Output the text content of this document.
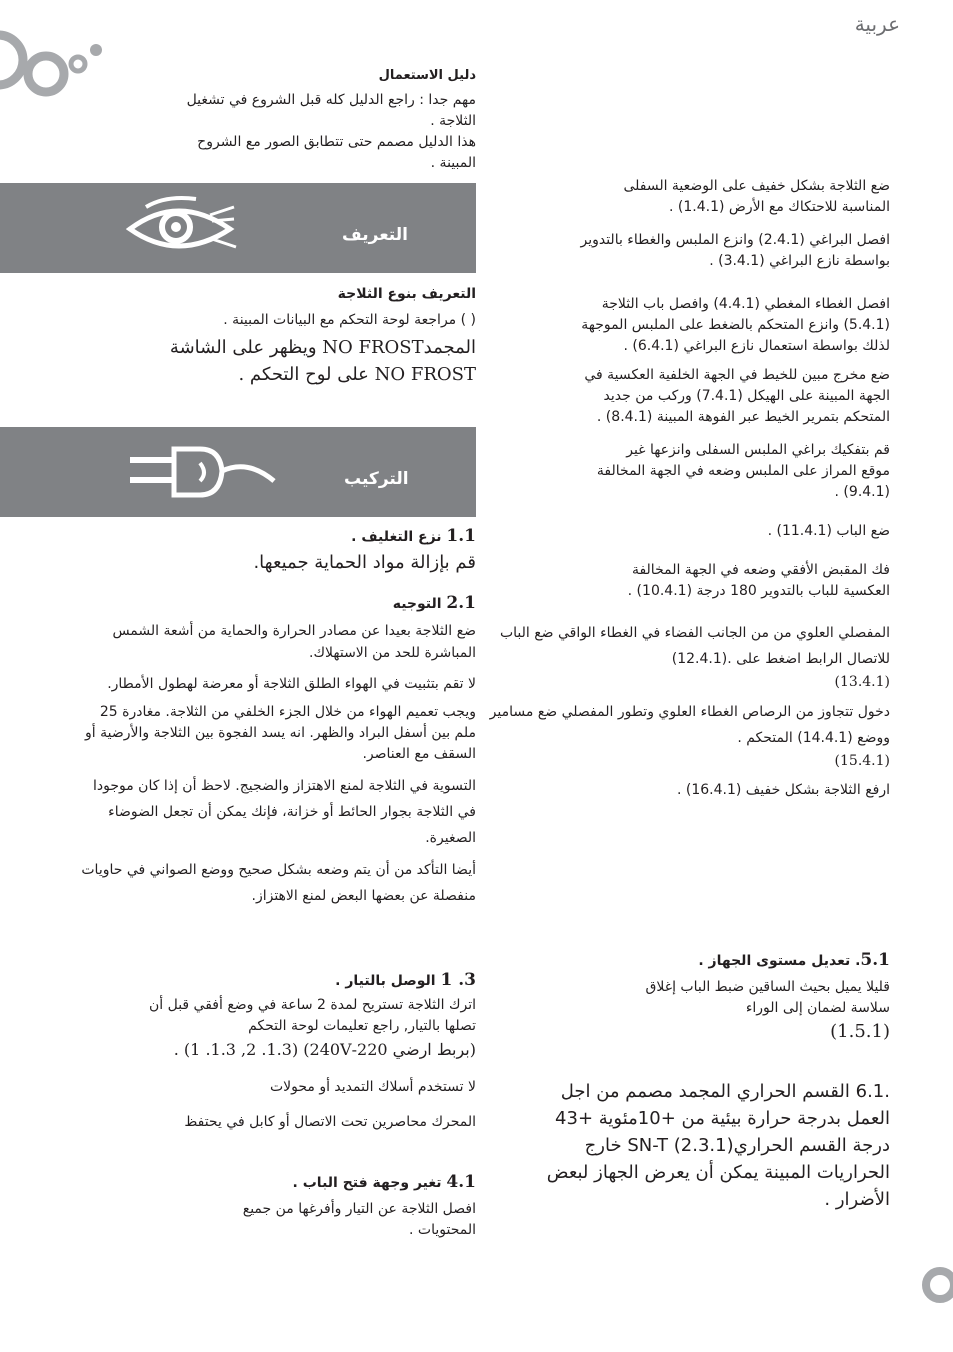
عربية

دليل الاستعمال

مهم جدا : راجع الدليل كله قبل الشروع في تشغيل الثلاجة .

هذا الدليل مصمم حتى تتطابق الصور مع الشروح المبينة .

التعريف

التعريف بنوع الثلاجة

( ) مراجعة لوحة التحكم مع البيانات المبينة .

المجمدNO FROST ويظهر على الشاشة NO FROST على لوح التحكم .

التركيب

1.1 نزع التغليف .

قم بإزالة مواد الحماية جميعها.

2.1 التوجيه

ضع الثلاجة بعيدا عن مصادر الحرارة والحماية من أشعة الشمس المباشرة للحد من الاستهلاك.

لا تقم بتثبيت في الهواء الطلق الثلاجة أو معرضة لهطول الأمطار.

ويجب تعميم الهواء من خلال الجزء الخلفي من الثلاجة. مغادرة 25 ملم بين أسفل البراد والظهر. انه يسد الفجوة بين الثلاجة والأرضية أو السقف مع العناصر.

التسوية في الثلاجة لمنع الاهتزاز والضجيج. لاحظ أن إذا كان موجودا في الثلاجة بجوار الحائط أو خزانة، فإنك يمكن أن تجعل الضوضاء الصغيرة.

أيضا التأكد من أن يتم وضعه بشكل صحيح ووضع الصواني في حاويات منفصلة عن بعضها البعض لمنع الاهتزاز.

3. 1 الوصل بالتيار .

اترك الثلاجة تستريح لمدة 2 ساعة في وضع أفقي قبل أن تصلها بالتيار, راجع تعليمات لوحة التحكم

(بربط ارضي 220-240V) (1 .1.3 ,2 .1.3) .

لا تستخدم أسلاك التمديد أو محولات

المحرك محاصرين تحت الاتصال أو كابل في يحتفظ

4.1 تغير وجهة فتح الباب .

افصل الثلاجة عن التيار وأفرغها من جميع المحتويات .

ضع الثلاجة بشكل خفيف على الوضعية السفلى المناسبة للاحتكاك مع الأرض (1.4.1) .

افصل البراغي (2.4.1) وانزع الملبس والغطاء بالتدوير بواسطة نازع البراغي (3.4.1) .

افصل الغطاء المغطي (4.4.1) وافصل باب الثلاجة (5.4.1) وانزع المتحكم بالضغط على الملبس الموجهة لذلك بواسطة استعمال نازع البراغي (6.4.1) .

ضع مخرج مبين للخيط في الجهة الخلفية العكسية في الجهة المبينة على الهيكل (7.4.1) وركب من جديد المتحكم بتمرير الخيط عبر الفوهة المبينة (8.4.1) .

قم بتفكيك براغي الملبس السفلى وانزعها غير موقع المراز على الملبس وضعه في الجهة المخالفة (9.4.1) .

ضع الباب (11.4.1) .

فك المقبض الأفقي وضعه في الجهة المخالفة العكسية للباب بالتدوير 180 درجة (10.4.1) .

المفصلي العلوي من من الجانب الفضاء في الغطاء الواقي ضع الباب للاتصال الرابط اضغط على .(12.4.1)

(13.4.1)

دخول تتجاوز من الرصاص الغطاء العلوي وتطور المفصلي ضع مسامير ووضع (14.4.1) المتحكم .

(15.4.1)

ارفع الثلاجة بشكل خفيف (16.4.1) .

5.1. تعديل مستوى الجهاز .

قليلا يميل بحيث الساقين ضبط الباب إغلاق سلاسة لضمان إلى الوراء

(1.5.1)

.6.1 القسم الحراري المجمد مصمم من اجل العمل بدرجة حرارة بيئية من +10مئوية +43 درجة القسم الحراريSN-T (2.3.1) خارج الحراريات المبينة يمكن أن يعرض الجهاز لبعض الأضرار .
